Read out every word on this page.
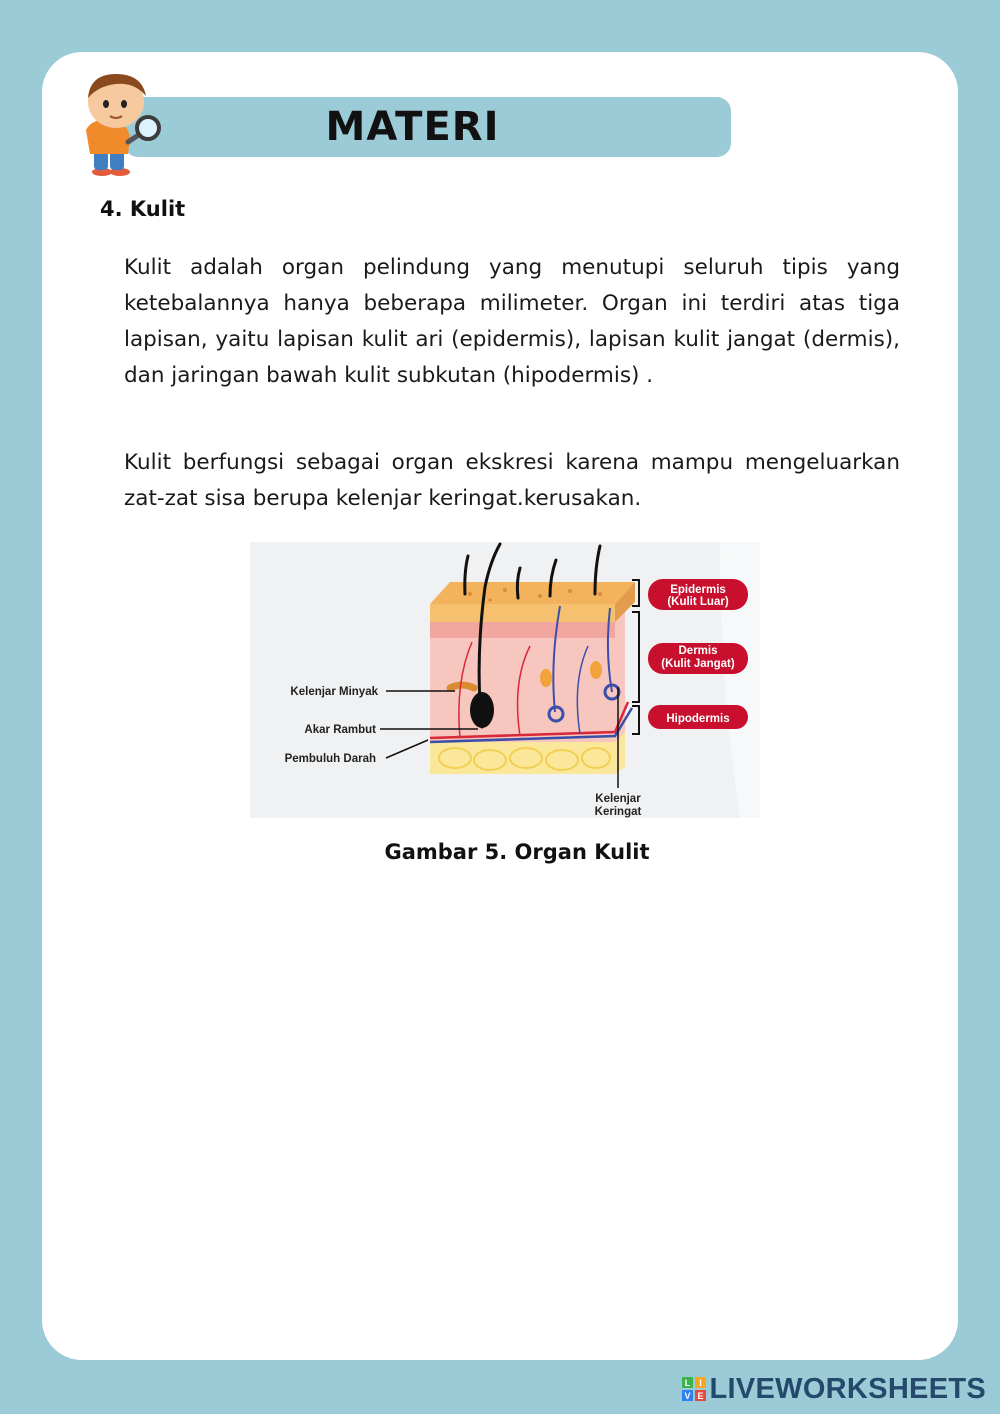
MATERI
4. Kulit

Kulit adalah organ pelindung yang menutupi seluruh tipis yang ketebalannya hanya beberapa milimeter. Organ ini terdiri atas tiga lapisan, yaitu lapisan kulit ari (epidermis), lapisan kulit jangat (dermis), dan jaringan bawah kulit subkutan (hipodermis) .

Kulit berfungsi sebagai organ ekskresi karena mampu mengeluarkan zat-zat sisa berupa kelenjar keringat.kerusakan.

Epidermis
(Kulit Luar)
Dermis
(Kulit Jangat)
Hipodermis
Kelenjar Minyak
Akar Rambut
Pembuluh Darah
Kelenjar
Keringat
Gambar 5. Organ Kulit
L I
V E LIVEWORKSHEETS
